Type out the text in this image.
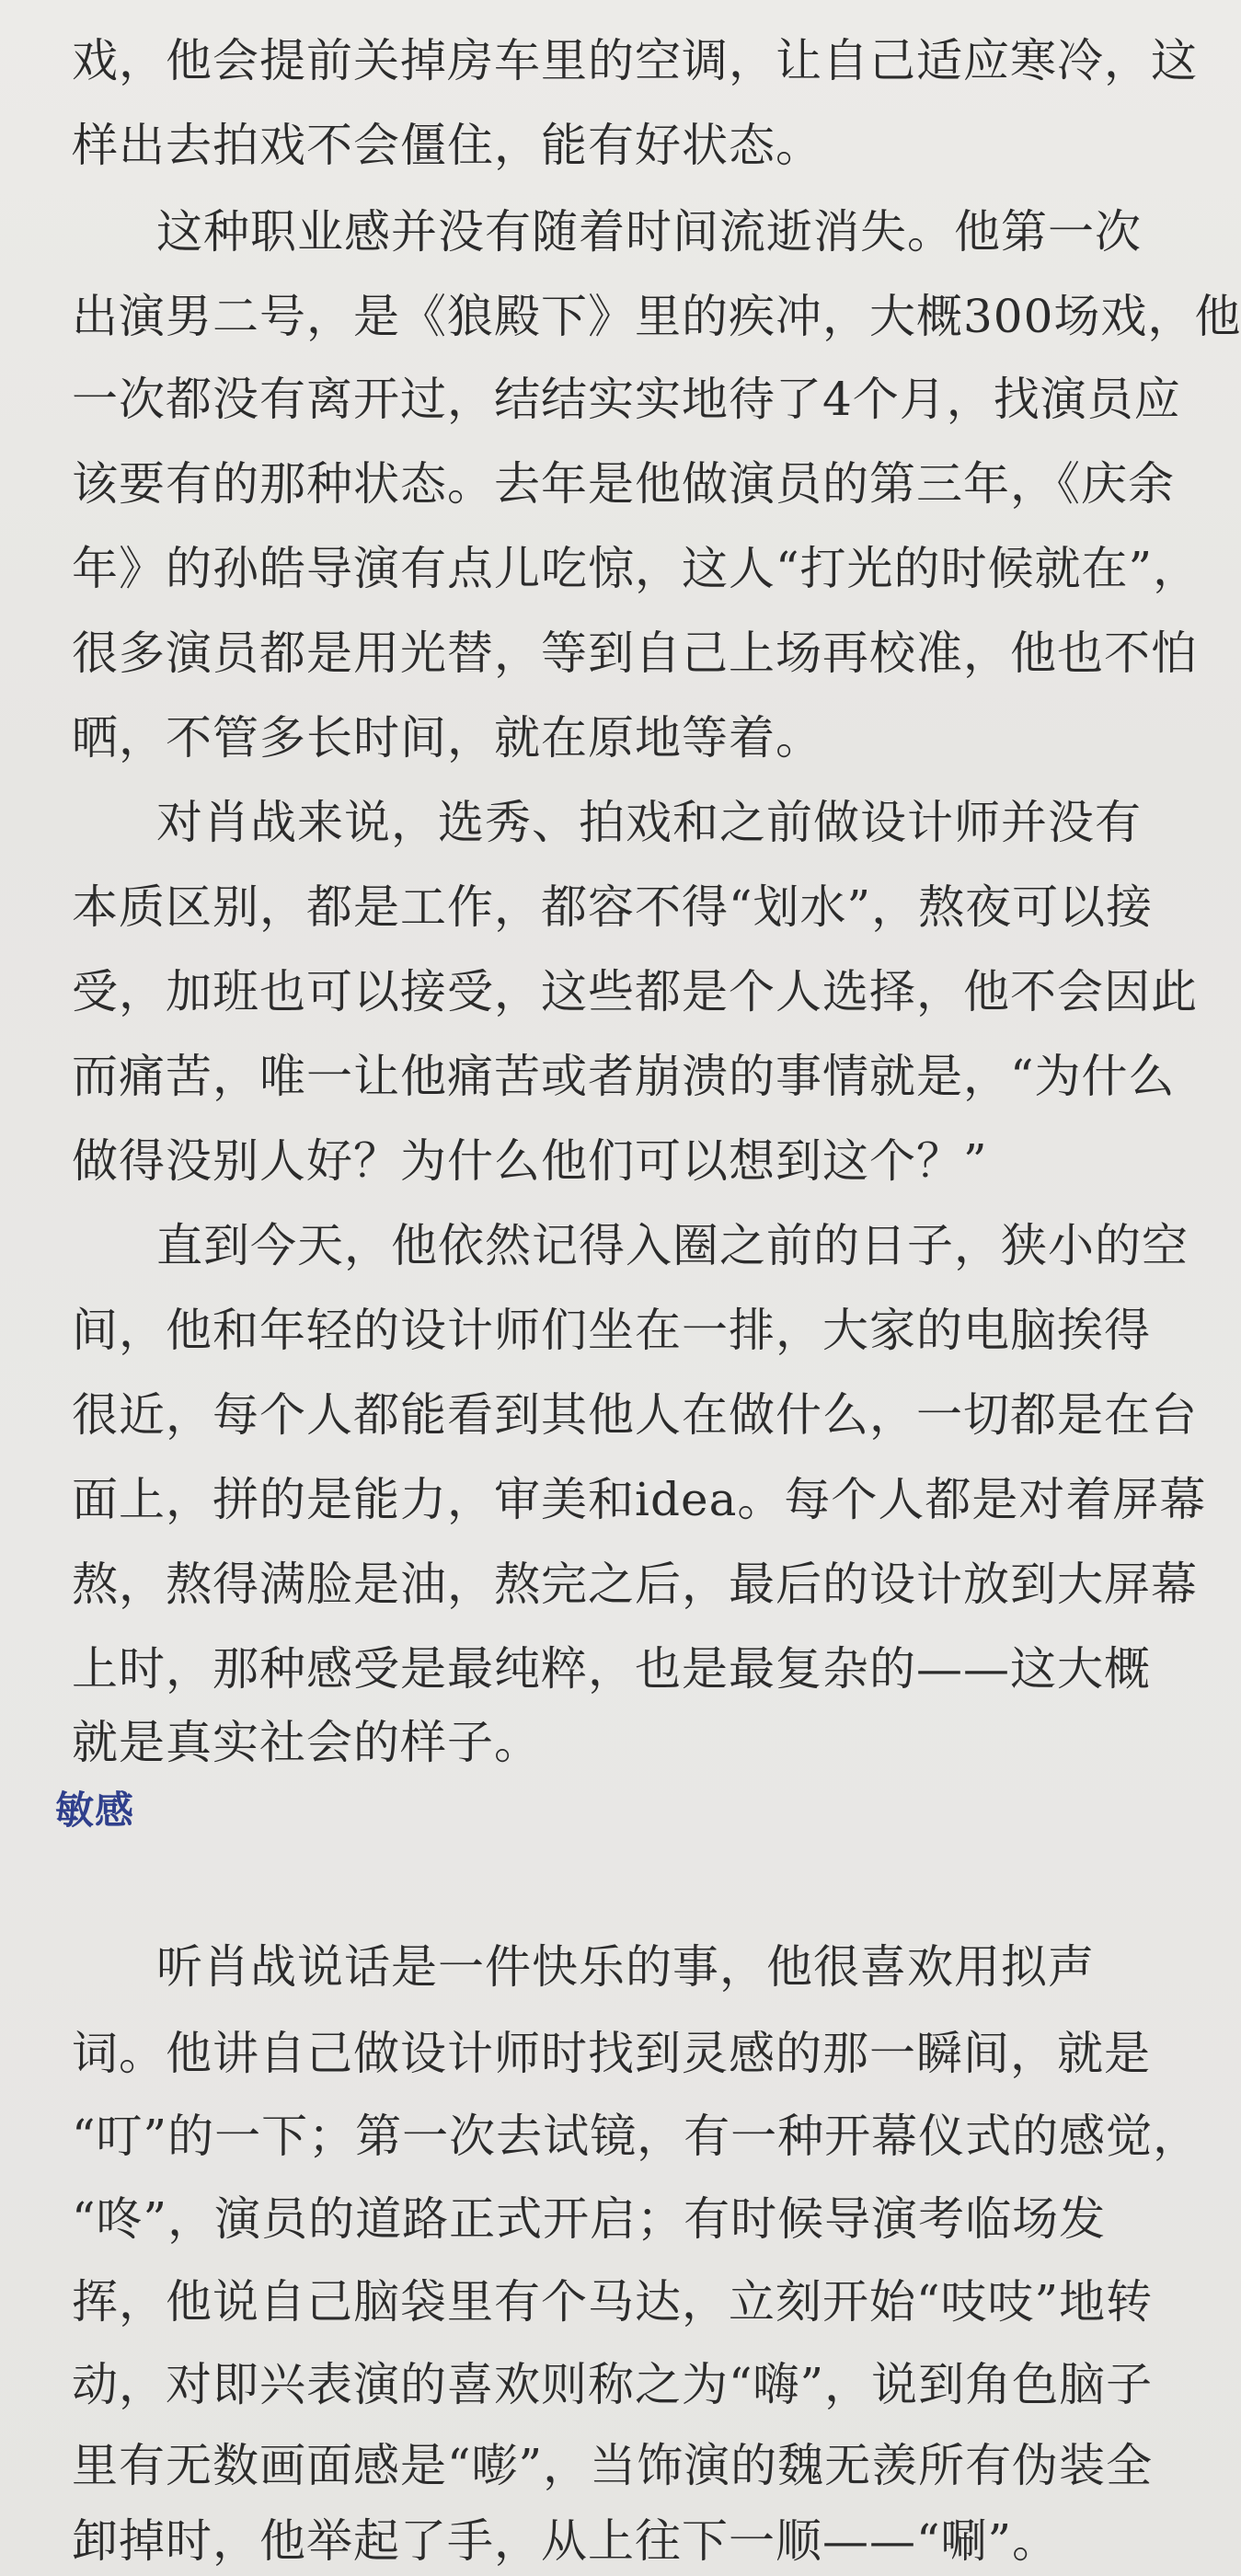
戏，他会提前关掉房车里的空调，让自己适应寒冷，这
样出去拍戏不会僵住，能有好状态。
这种职业感并没有随着时间流逝消失。他第一次
出演男二号，是《狼殿下》里的疾冲，大概300场戏，他
一次都没有离开过，结结实实地待了4个月，找演员应
该要有的那种状态。去年是他做演员的第三年，《庆余
年》的孙皓导演有点儿吃惊，这人“打光的时候就在”，
很多演员都是用光替，等到自己上场再校准，他也不怕
晒，不管多长时间，就在原地等着。
对肖战来说，选秀、拍戏和之前做设计师并没有
本质区别，都是工作，都容不得“划水”，熬夜可以接
受，加班也可以接受，这些都是个人选择，他不会因此
而痛苦，唯一让他痛苦或者崩溃的事情就是，“为什么
做得没别人好？为什么他们可以想到这个？”
直到今天，他依然记得入圈之前的日子，狭小的空
间，他和年轻的设计师们坐在一排，大家的电脑挨得
很近，每个人都能看到其他人在做什么，一切都是在台
面上，拼的是能力，审美和idea。每个人都是对着屏幕
熬，熬得满脸是油，熬完之后，最后的设计放到大屏幕
上时，那种感受是最纯粹，也是最复杂的——这大概
就是真实社会的样子。
敏感
听肖战说话是一件快乐的事，他很喜欢用拟声
词。他讲自己做设计师时找到灵感的那一瞬间，就是
“叮”的一下；第一次去试镜，有一种开幕仪式的感觉，
“咚”，演员的道路正式开启；有时候导演考临场发
挥，他说自己脑袋里有个马达，立刻开始“吱吱”地转
动，对即兴表演的喜欢则称之为“嗨”，说到角色脑子
里有无数画面感是“嘭”，当饰演的魏无羡所有伪装全
卸掉时，他举起了手，从上往下一顺——“唰”。
